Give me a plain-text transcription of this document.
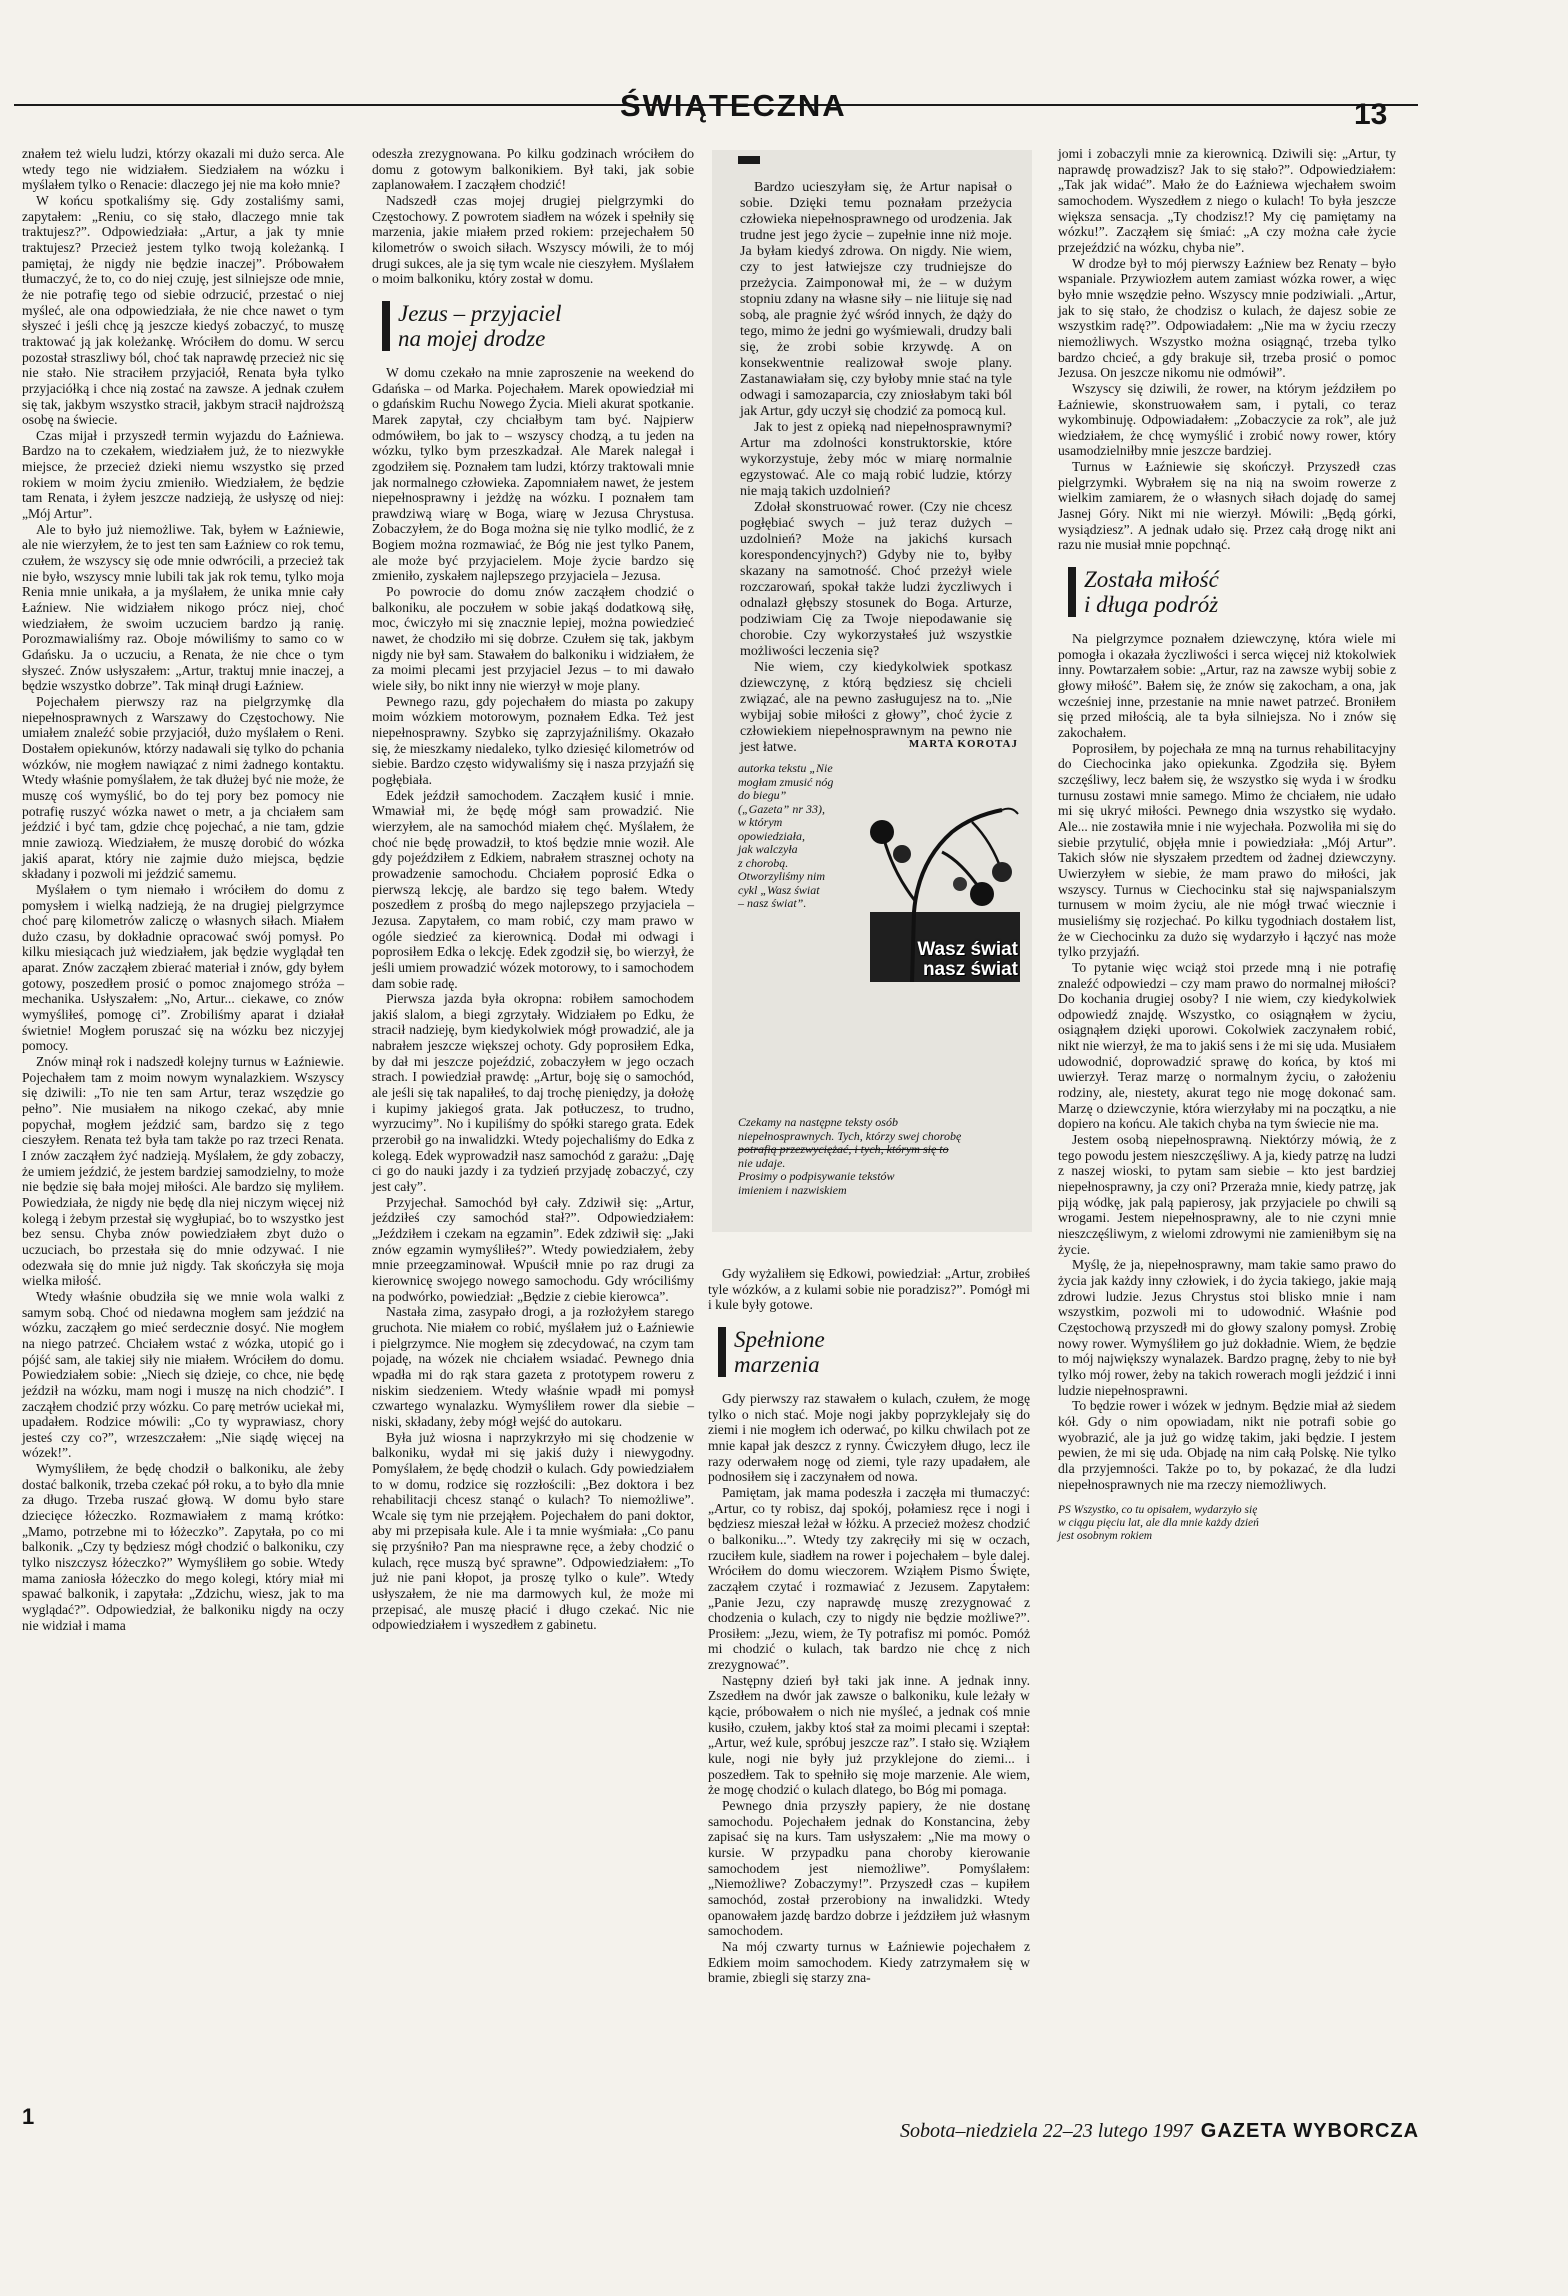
ŚWIĄTECZNA	13

znałem też wielu ludzi, którzy okazali mi dużo serca. Ale wtedy tego nie widziałem. Siedziałem na wózku i myślałem tylko o Renacie: dlaczego jej nie ma koło mnie?

W końcu spotkaliśmy się. Gdy zostaliśmy sami, zapytałem: „Reniu, co się stało, dlaczego mnie tak traktujesz?”. Odpowiedziała: „Artur, a jak ty mnie traktujesz? Przecież jestem tylko twoją koleżanką. I pamiętaj, że nigdy nie będzie inaczej”. Próbowałem tłumaczyć, że to, co do niej czuję, jest silniejsze ode mnie, że nie potrafię tego od siebie odrzucić, przestać o niej myśleć, ale ona odpowiedziała, że nie chce nawet o tym słyszeć i jeśli chcę ją jeszcze kiedyś zobaczyć, to muszę traktować ją jak koleżankę. Wróciłem do domu. W sercu pozostał straszliwy ból, choć tak naprawdę przecież nic się nie stało. Nie straciłem przyjaciół, Renata była tylko przyjaciółką i chce nią zostać na zawsze. A jednak czułem się tak, jakbym wszystko stracił, jakbym stracił najdroższą osobę na świecie.

Czas mijał i przyszedł termin wyjazdu do Łaźniewa. Bardzo na to czekałem, wiedziałem już, że to niezwykłe miejsce, że przecież dzieki niemu wszystko się przed rokiem w moim życiu zmieniło. Wiedziałem, że będzie tam Renata, i żyłem jeszcze nadzieją, że usłyszę od niej: „Mój Artur”.

Ale to było już niemożliwe. Tak, byłem w Łaźniewie, ale nie wierzyłem, że to jest ten sam Łaźniew co rok temu, czułem, że wszyscy się ode mnie odwrócili, a przecież tak nie było, wszyscy mnie lubili tak jak rok temu, tylko moja Renia mnie unikała, a ja myślałem, że unika mnie cały Łaźniew. Nie widziałem nikogo prócz niej, choć wiedziałem, że swoim uczuciem bardzo ją ranię. Porozmawialiśmy raz. Oboje mówiliśmy to samo co w Gdańsku. Ja o uczuciu, a Renata, że nie chce o tym słyszeć. Znów usłyszałem: „Artur, traktuj mnie inaczej, a będzie wszystko dobrze”. Tak minął drugi Łaźniew.

Pojechałem pierwszy raz na pielgrzymkę dla niepełnosprawnych z Warszawy do Częstochowy. Nie umiałem znaleźć sobie przyjaciół, dużo myślałem o Reni. Dostałem opiekunów, którzy nadawali się tylko do pchania wózków, nie mogłem nawiązać z nimi żadnego kontaktu. Wtedy właśnie pomyślałem, że tak dłużej być nie może, że muszę coś wymyślić, bo do tej pory bez pomocy nie potrafię ruszyć wózka nawet o metr, a ja chciałem sam jeździć i być tam, gdzie chcę pojechać, a nie tam, gdzie mnie zawiozą. Wiedziałem, że muszę dorobić do wózka jakiś aparat, który nie zajmie dużo miejsca, będzie składany i pozwoli mi jeździć samemu.

Myślałem o tym niemało i wróciłem do domu z pomysłem i wielką nadzieją, że na drugiej pielgrzymce choć parę kilometrów zaliczę o własnych siłach. Miałem dużo czasu, by dokładnie opracować swój pomysł. Po kilku miesiącach już wiedziałem, jak będzie wyglądał ten aparat. Znów zacząłem zbierać materiał i znów, gdy byłem gotowy, poszedłem prosić o pomoc znajomego stróża – mechanika. Usłyszałem: „No, Artur... ciekawe, co znów wymyśliłeś, pomogę ci”. Zrobiliśmy aparat i działał świetnie! Mogłem poruszać się na wózku bez niczyjej pomocy.

Znów minął rok i nadszedł kolejny turnus w Łaźniewie. Pojechałem tam z moim nowym wynalazkiem. Wszyscy się dziwili: „To nie ten sam Artur, teraz wszędzie go pełno”. Nie musiałem na nikogo czekać, aby mnie popychał, mogłem jeździć sam, bardzo się z tego cieszyłem. Renata też była tam także po raz trzeci Renata. I znów zacząłem żyć nadzieją. Myślałem, że gdy zobaczy, że umiem jeździć, że jestem bardziej samodzielny, to może nie będzie się bała mojej miłości. Ale bardzo się myliłem. Powiedziała, że nigdy nie będę dla niej niczym więcej niż kolegą i żebym przestał się wygłupiać, bo to wszystko jest bez sensu. Chyba znów powiedziałem zbyt dużo o uczuciach, bo przestała się do mnie odzywać. I nie odezwała się do mnie już nigdy. Tak skończyła się moja wielka miłość.

Wtedy właśnie obudziła się we mnie wola walki z samym sobą. Choć od niedawna mogłem sam jeździć na wózku, zacząłem go mieć serdecznie dosyć. Nie mogłem na niego patrzeć. Chciałem wstać z wózka, utopić go i pójść sam, ale takiej siły nie miałem. Wróciłem do domu. Powiedziałem sobie: „Niech się dzieje, co chce, nie będę jeździł na wózku, mam nogi i muszę na nich chodzić”. I zacząłem chodzić przy wózku. Co parę metrów uciekał mi, upadałem. Rodzice mówili: „Co ty wyprawiasz, chory jesteś czy co?”, wrzeszczałem: „Nie siądę więcej na wózek!”.

Wymyśliłem, że będę chodził o balkoniku, ale żeby dostać balkonik, trzeba czekać pół roku, a to było dla mnie za długo. Trzeba ruszać głową. W domu było stare dziecięce łóżeczko. Rozmawiałem z mamą krótko: „Mamo, potrzebne mi to łóżeczko”. Zapytała, po co mi balkonik. „Czy ty będziesz mógł chodzić o balkoniku, czy tylko niszczysz łóżeczko?” Wymyśliłem go sobie. Wtedy mama zaniosła łóżeczko do mego kolegi, który miał mi spawać balkonik, i zapytała: „Zdzichu, wiesz, jak to ma wyglądać?”. Odpowiedział, że balkoniku nigdy na oczy nie widział i mama

odeszła zrezygnowana. Po kilku godzinach wróciłem do domu z gotowym balkonikiem. Był taki, jak sobie zaplanowałem. I zacząłem chodzić!

Nadszedł czas mojej drugiej pielgrzymki do Częstochowy. Z powrotem siadłem na wózek i spełniły się marzenia, jakie miałem przed rokiem: przejechałem 50 kilometrów o swoich siłach. Wszyscy mówili, że to mój drugi sukces, ale ja się tym wcale nie cieszyłem. Myślałem o moim balkoniku, który został w domu.

Jezus – przyjaciel
na mojej drodze

W domu czekało na mnie zaproszenie na weekend do Gdańska – od Marka. Pojechałem. Marek opowiedział mi o gdańskim Ruchu Nowego Życia. Mieli akurat spotkanie. Marek zapytał, czy chciałbym tam być. Najpierw odmówiłem, bo jak to – wszyscy chodzą, a tu jeden na wózku, tylko bym przeszkadzał. Ale Marek nalegał i zgodziłem się. Poznałem tam ludzi, którzy traktowali mnie jak normalnego człowieka. Zapomniałem nawet, że jestem niepełnosprawny i jeżdżę na wózku. I poznałem tam prawdziwą wiarę w Boga, wiarę w Jezusa Chrystusa. Zobaczyłem, że do Boga można się nie tylko modlić, że z Bogiem można rozmawiać, że Bóg nie jest tylko Panem, ale może być przyjacielem. Moje życie bardzo się zmieniło, zyskałem najlepszego przyjaciela – Jezusa.

Po powrocie do domu znów zacząłem chodzić o balkoniku, ale poczułem w sobie jakąś dodatkową siłę, moc, ćwiczyło mi się znacznie lepiej, można powiedzieć nawet, że chodziło mi się dobrze. Czułem się tak, jakbym nigdy nie był sam. Stawałem do balkoniku i widziałem, że za moimi plecami jest przyjaciel Jezus – to mi dawało wiele siły, bo nikt inny nie wierzył w moje plany.

Pewnego razu, gdy pojechałem do miasta po zakupy moim wózkiem motorowym, poznałem Edka. Też jest niepełnosprawny. Szybko się zaprzyjaźniliśmy. Okazało się, że mieszkamy niedaleko, tylko dziesięć kilometrów od siebie. Bardzo często widywaliśmy się i nasza przyjaźń się pogłębiała.

Edek jeździł samochodem. Zacząłem kusić i mnie. Wmawiał mi, że będę mógł sam prowadzić. Nie wierzyłem, ale na samochód miałem chęć. Myślałem, że choć nie będę prowadził, to ktoś będzie mnie woził. Ale gdy pojeździłem z Edkiem, nabrałem strasznej ochoty na prowadzenie samochodu. Chciałem poprosić Edka o pierwszą lekcję, ale bardzo się tego bałem. Wtedy poszedłem z prośbą do mego najlepszego przyjaciela – Jezusa. Zapytałem, co mam robić, czy mam prawo w ogóle siedzieć za kierownicą. Dodał mi odwagi i poprosiłem Edka o lekcję. Edek zgodził się, bo wierzył, że jeśli umiem prowadzić wózek motorowy, to i samochodem dam sobie radę.

Pierwsza jazda była okropna: robiłem samochodem jakiś slalom, a biegi zgrzytały. Widziałem po Edku, że stracił nadzieję, bym kiedykolwiek mógł prowadzić, ale ja nabrałem jeszcze większej ochoty. Gdy poprosiłem Edka, by dał mi jeszcze pojeździć, zobaczyłem w jego oczach strach. I powiedział prawdę: „Artur, boję się o samochód, ale jeśli się tak napaliłeś, to daj trochę pieniędzy, ja dołożę i kupimy jakiegoś grata. Jak potłuczesz, to trudno, wyrzucimy”. No i kupiliśmy do spółki starego grata. Edek przerobił go na inwalidzki. Wtedy pojechaliśmy do Edka z kolegą. Edek wyprowadził nasz samochód z garażu: „Daję ci go do nauki jazdy i za tydzień przyjadę zobaczyć, czy jest cały”.

Przyjechał. Samochód był cały. Zdziwił się: „Artur, jeździłeś czy samochód stał?”. Odpowiedziałem: „Jeździłem i czekam na egzamin”. Edek zdziwił się: „Jaki znów egzamin wymyśliłeś?”. Wtedy powiedziałem, żeby mnie przeegzaminował. Wpuścił mnie po raz drugi za kierownicę swojego nowego samochodu. Gdy wróciliśmy na podwórko, powiedział: „Będzie z ciebie kierowca”.

Nastała zima, zasypało drogi, a ja rozłożyłem starego gruchota. Nie miałem co robić, myślałem już o Łaźniewie i pielgrzymce. Nie mogłem się zdecydować, na czym tam pojadę, na wózek nie chciałem wsiadać. Pewnego dnia wpadła mi do rąk stara gazeta z prototypem roweru z niskim siedzeniem. Wtedy właśnie wpadł mi pomysł czwartego wynalazku. Wymyśliłem rower dla siebie – niski, składany, żeby mógł wejść do autokaru.

Była już wiosna i naprzykrzyło mi się chodzenie w balkoniku, wydał mi się jakiś duży i niewygodny. Pomyślałem, że będę chodził o kulach. Gdy powiedziałem to w domu, rodzice się rozzłościli: „Bez doktora i bez rehabilitacji chcesz stanąć o kulach? To niemożliwe”. Wcale się tym nie przejąłem. Pojechałem do pani doktor, aby mi przepisała kule. Ale i ta mnie wyśmiała: „Co panu się przyśniło? Pan ma niesprawne ręce, a żeby chodzić o kulach, ręce muszą być sprawne”. Odpowiedziałem: „To już nie pani kłopot, ja proszę tylko o kule”. Wtedy usłyszałem, że nie ma darmowych kul, że może mi przepisać, ale muszę płacić i długo czekać. Nic nie odpowiedziałem i wyszedłem z gabinetu.

Bardzo ucieszyłam się, że Artur napisał o sobie. Dzięki temu poznałam przeżycia człowieka niepełnosprawnego od urodzenia. Jak trudne jest jego życie – zupełnie inne niż moje. Ja byłam kiedyś zdrowa. On nigdy. Nie wiem, czy to jest łatwiejsze czy trudniejsze do przeżycia. Zaimponował mi, że – w dużym stopniu zdany na własne siły – nie liituje się nad sobą, ale pragnie żyć wśród innych, że dąży do tego, mimo że jedni go wyśmiewali, drudzy bali się, że zrobi sobie krzywdę. A on konsekwentnie realizował swoje plany. Zastanawiałam się, czy byłoby mnie stać na tyle odwagi i samozaparcia, czy zniosłabym taki ból jak Artur, gdy uczył się chodzić za pomocą kul.

Jak to jest z opieką nad niepełnosprawnymi? Artur ma zdolności konstruktorskie, które wykorzystuje, żeby móc w miarę normalnie egzystować. Ale co mają robić ludzie, którzy nie mają takich uzdolnień?

Zdołał skonstruować rower. (Czy nie chcesz pogłębiać swych – już teraz dużych – uzdolnień? Może na jakichś kursach korespondencyjnych?) Gdyby nie to, byłby skazany na samotność. Choć przeżył wiele rozczarowań, spokał także ludzi życzliwych i odnalazł głębszy stosunek do Boga. Arturze, podziwiam Cię za Twoje niepodawanie się chorobie. Czy wykorzystałeś już wszystkie możliwości leczenia się?

Nie wiem, czy kiedykolwiek spotkasz dziewczynę, z którą będziesz się chcieli związać, ale na pewno zasługujesz na to. „Nie wybijaj sobie miłości z głowy”, choć życie z człowiekiem niepełnosprawnym na pewno nie jest łatwe.	MARTA KOROTAJ
autorka tekstu „Nie
mogłam zmusić nóg
do biegu”
(„Gazeta” nr 33),
w którym
opowiedziała,
jak walczyła
z chorobą.
Otworzyliśmy nim
cykl „Wasz świat
– nasz świat”.
Wasz świat
nasz świat
Czekamy na następne teksty osób
niepełnosprawnych. Tych, którzy swej chorobę
potrafią przezwyciężać, i tych, którym się to
nie udaje.
Prosimy o podpisywanie tekstów
imieniem i nazwiskiem

Gdy wyżaliłem się Edkowi, powiedział: „Artur, zrobiłeś tyle wózków, a z kulami sobie nie poradzisz?”. Pomógł mi i kule były gotowe.

Spełnione
marzenia

Gdy pierwszy raz stawałem o kulach, czułem, że mogę tylko o nich stać. Moje nogi jakby poprzyklejały się do ziemi i nie mogłem ich oderwać, po kilku chwilach pot ze mnie kapał jak deszcz z rynny. Ćwiczyłem długo, lecz ile razy oderwałem nogę od ziemi, tyle razy upadałem, ale podnosiłem się i zaczynałem od nowa.

Pamiętam, jak mama podeszła i zaczęła mi tłumaczyć: „Artur, co ty robisz, daj spokój, połamiesz ręce i nogi i będziesz mieszał leżał w łóżku. A przecież możesz chodzić o balkoniku...”. Wtedy tzy zakręciły mi się w oczach, rzuciłem kule, siadłem na rower i pojechałem – byle dalej. Wróciłem do domu wieczorem. Wziąłem Pismo Święte, zacząłem czytać i rozmawiać z Jezusem. Zapytałem: „Panie Jezu, czy naprawdę muszę zrezygnować z chodzenia o kulach, czy to nigdy nie będzie możliwe?”. Prosiłem: „Jezu, wiem, że Ty potrafisz mi pomóc. Pomóż mi chodzić o kulach, tak bardzo nie chcę z nich zrezygnować”.

Następny dzień był taki jak inne. A jednak inny. Zszedłem na dwór jak zawsze o balkoniku, kule leżały w kącie, próbowałem o nich nie myśleć, a jednak coś mnie kusiło, czułem, jakby ktoś stał za moimi plecami i szeptał: „Artur, weź kule, spróbuj jeszcze raz”. I stało się. Wziąłem kule, nogi nie były już przyklejone do ziemi... i poszedłem. Tak to spełniło się moje marzenie. Ale wiem, że mogę chodzić o kulach dlatego, bo Bóg mi pomaga.

Pewnego dnia przyszły papiery, że nie dostanę samochodu. Pojechałem jednak do Konstancina, żeby zapisać się na kurs. Tam usłyszałem: „Nie ma mowy o kursie. W przypadku pana choroby kierowanie samochodem jest niemożliwe”. Pomyślałem: „Niemożliwe? Zobaczymy!”. Przyszedł czas – kupiłem samochód, został przerobiony na inwalidzki. Wtedy opanowałem jazdę bardzo dobrze i jeździłem już własnym samochodem.

Na mój czwarty turnus w Łaźniewie pojechałem z Edkiem moim samochodem. Kiedy zatrzymałem się w bramie, zbiegli się starzy zna-

jomi i zobaczyli mnie za kierownicą. Dziwili się: „Artur, ty naprawdę prowadzisz? Jak to się stało?”. Odpowiedziałem: „Tak jak widać”. Mało że do Łaźniewa wjechałem swoim samochodem. Wyszedłem z niego o kulach! To była jeszcze większa sensacja. „Ty chodzisz!? My cię pamiętamy na wózku!”. Zacząłem się śmiać: „A czy można całe życie przejeździć na wózku, chyba nie”.

W drodze był to mój pierwszy Łaźniew bez Renaty – było wspaniale. Przywiozłem autem zamiast wózka rower, a więc było mnie wszędzie pełno. Wszyscy mnie podziwiali. „Artur, jak to się stało, że chodzisz o kulach, że dajesz sobie ze wszystkim radę?”. Odpowiadałem: „Nie ma w życiu rzeczy niemożliwych. Wszystko można osiągnąć, trzeba tylko bardzo chcieć, a gdy brakuje sił, trzeba prosić o pomoc Jezusa. On jeszcze nikomu nie odmówił”.

Wszyscy się dziwili, że rower, na którym jeździłem po Łaźniewie, skonstruowałem sam, i pytali, co teraz wykombinuję. Odpowiadałem: „Zobaczycie za rok”, ale już wiedziałem, że chcę wymyślić i zrobić nowy rower, który usamodzielniłby mnie jeszcze bardziej.

Turnus w Łaźniewie się skończył. Przyszedł czas pielgrzymki. Wybrałem się na nią na swoim rowerze z wielkim zamiarem, że o własnych siłach dojadę do samej Jasnej Góry. Nikt mi nie wierzył. Mówili: „Będą górki, wysiądziesz”. A jednak udało się. Przez całą drogę nikt ani razu nie musiał mnie popchnąć.

Została miłość
i długa podróż

Na pielgrzymce poznałem dziewczynę, która wiele mi pomogła i okazała życzliwości i serca więcej niż ktokolwiek inny. Powtarzałem sobie: „Artur, raz na zawsze wybij sobie z głowy miłość”. Bałem się, że znów się zakocham, a ona, jak wcześniej inne, przestanie na mnie nawet patrzeć. Broniłem się przed miłością, ale ta była silniejsza. No i znów się zakochałem.

Poprosiłem, by pojechała ze mną na turnus rehabilitacyjny do Ciechocinka jako opiekunka. Zgodziła się. Byłem szczęśliwy, lecz bałem się, że wszystko się wyda i w środku turnusu zostawi mnie samego. Mimo że chciałem, nie udało mi się ukryć miłości. Pewnego dnia wszystko się wydało. Ale... nie zostawiła mnie i nie wyjechała. Pozwoliła mi się do siebie przytulić, objęła mnie i powiedziała: „Mój Artur”. Takich słów nie słyszałem przedtem od żadnej dziewczyny. Uwierzyłem w siebie, że mam prawo do miłości, jak wszyscy. Turnus w Ciechocinku stał się najwspanialszym turnusem w moim życiu, ale nie mógł trwać wiecznie i musieliśmy się rozjechać. Po kilku tygodniach dostałem list, że w Ciechocinku za dużo się wydarzyło i łączyć nas może tylko przyjaźń.

To pytanie więc wciąż stoi przede mną i nie potrafię znaleźć odpowiedzi – czy mam prawo do normalnej miłości? Do kochania drugiej osoby? I nie wiem, czy kiedykolwiek odpowiedź znajdę. Wszystko, co osiągnąłem w życiu, osiągnąłem dzięki uporowi. Cokolwiek zaczynałem robić, nikt nie wierzył, że ma to jakiś sens i że mi się uda. Musiałem udowodnić, doprowadzić sprawę do końca, by ktoś mi uwierzył. Teraz marzę o normalnym życiu, o założeniu rodziny, ale, niestety, akurat tego nie mogę dokonać sam. Marzę o dziewczynie, która wierzyłaby mi na początku, a nie dopiero na końcu. Ale takich chyba na tym świecie nie ma.

Jestem osobą niepełnosprawną. Niektórzy mówią, że z tego powodu jestem nieszczęśliwy. A ja, kiedy patrzę na ludzi z naszej wioski, to pytam sam siebie – kto jest bardziej niepełnosprawny, ja czy oni? Przeraża mnie, kiedy patrzę, jak piją wódkę, jak palą papierosy, jak przyjaciele po chwili są wrogami. Jestem niepełnosprawny, ale to nie czyni mnie nieszczęśliwym, z wielomi zdrowymi nie zamieniłbym się na życie.

Myślę, że ja, niepełnosprawny, mam takie samo prawo do życia jak każdy inny człowiek, i do życia takiego, jakie mają zdrowi ludzie. Jezus Chrystus stoi blisko mnie i nam wszystkim, pozwoli mi to udowodnić. Właśnie pod Częstochową przyszedł mi do głowy szalony pomysł. Zrobię nowy rower. Wymyśliłem go już dokładnie. Wiem, że będzie to mój największy wynalazek. Bardzo pragnę, żeby to nie był tylko mój rower, żeby na takich rowerach mogli jeździć i inni ludzie niepełnosprawni.

To będzie rower i wózek w jednym. Będzie miał aż siedem kół. Gdy o nim opowiadam, nikt nie potrafi sobie go wyobrazić, ale ja już go widzę takim, jaki będzie. I jestem pewien, że mi się uda. Objadę na nim całą Polskę. Nie tylko dla przyjemności. Także po to, by pokazać, że dla ludzi niepełnosprawnych nie ma rzeczy niemożliwych.

PS Wszystko, co tu opisałem, wydarzyło się
w ciągu pięciu lat, ale dla mnie każdy dzień
jest osobnym rokiem

1
Sobota–niedziela 22–23 lutego 1997 GAZETA WYBORCZA
